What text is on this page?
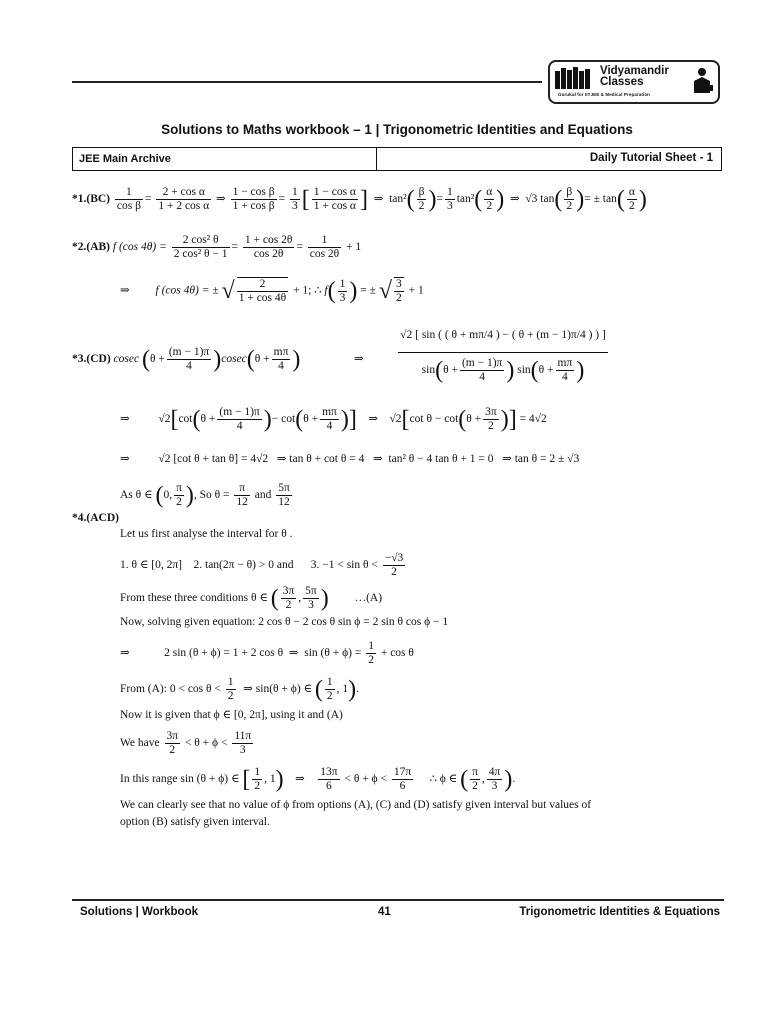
Vidyamandir
Classes
Gurukul for IITJEE & Medical Preparation
Solutions to Maths workbook – 1 | Trigonometric Identities and Equations
JEE Main Archive	Daily Tutorial Sheet - 1
$*1.(BC) \frac{1}{\text{cos β}} = \frac{\text{2 + cos α}}{\text{1 + 2 cos α}}$ ⇒ $\frac{\text{1 − cos β}}{\text{1 + cos β}} = \frac{1}{3}$ [ $\frac{\text{1 − cos α}}{\text{1 + cos α}}$ ] ⇒ $\tan^2( \frac{\beta}{2}$ )= $\frac{1}{3} \tan^2( \frac{\alpha}{2}$ ) ⇒ √3 $\tan( \frac{\beta}{2}$ )= ± $\tan( \frac{\alpha}{2}$ )
*2.(AB) f (cos $4\theta) = \frac{\text{2 cos² θ}}{\text{2 cos² θ − 1}} = \frac{1 + \cos 2\theta}{\cos 2\theta} = \frac{1}{\cos 2\theta} + 1$
⇒ f (cos 4θ) = ± √ $\frac{2}{1 + \cos 4\theta} + 1$; ∴ $f( \frac{1}{3}$ ) = ± √ $\frac{3}{2} + 1$
*3.(CD) cosec $(\theta + \frac{(m - 1)\pi}{4} )cosec(\theta + \frac{m\pi}{4}$ )	⇒	$\frac{√2 [ \sin ( ( \theta + m\pi/4 ) - ( \theta + (m - 1)\pi/4 ) ) ]}{\sin(\theta + \frac{(m - 1)\pi}{4} ) \sin(\theta + \frac{m\pi}{4} )}$
⇒	$√2[\cot(\theta + \frac{(m - 1)\pi}{4}$ )− $\cot(\theta + \frac{m\pi}{4}$ )] ⇒ √2[cot $\theta - \cot(\theta + \frac{3\pi}{2}$ )] = 4√2
⇒	√2 [cot θ + tan θ] = 4√2 ⇒ tan θ + cot θ = 4 ⇒ tan² θ − 4 tan θ + 1 = 0 ⇒ tan θ = 2 ± √3
As θ ∈ (0, $\frac{\pi}{2}$ ), So $\theta = \frac{\pi}{12}$ and $\frac{5\pi}{12}$
*4.(ACD)
Let us first analyse the interval for θ .
1. θ ∈ [0, 2π] 2. tan(2π − θ) > 0 and 3. $-1 < \sin \theta < \frac{-√3}{2}$
From these three conditions θ ∈ ( $\frac{3\pi}{2}$ , $\frac{5\pi}{3}$ ) …(A)
Now, solving given equation: 2 cos θ − 2 cos θ sin ϕ = 2 sin θ cos ϕ − 1
⇒	2 sin (θ + ϕ) = 1 + 2 cos θ ⇒ $\sin (\theta + \phi) = \frac{1}{2} + \cos \theta$
From (A): $0 < \cos \theta < \frac{1}{2}$ ⇒ sin(θ + ϕ) ∈ ( $\frac{1}{2}$ , 1).
Now it is given that ϕ ∈ [0, 2π], using it and (A)
We have $\frac{3\pi}{2} < \theta + \phi < \frac{11\pi}{3}$
In this range sin (θ + ϕ) ∈ [ $\frac{1}{2}$ , 1) ⇒ $\frac{13\pi}{6} < \theta + \phi < \frac{17\pi}{6}$ ∴ ϕ ∈ ( $\frac{\pi}{2}$ , $\frac{4\pi}{3}$ ).
We can clearly see that no value of ϕ from options (A), (C) and (D) satisfy given interval but values of
option (B) satisfy given interval.
Solutions | Workbook	41	Trigonometric Identities & Equations
